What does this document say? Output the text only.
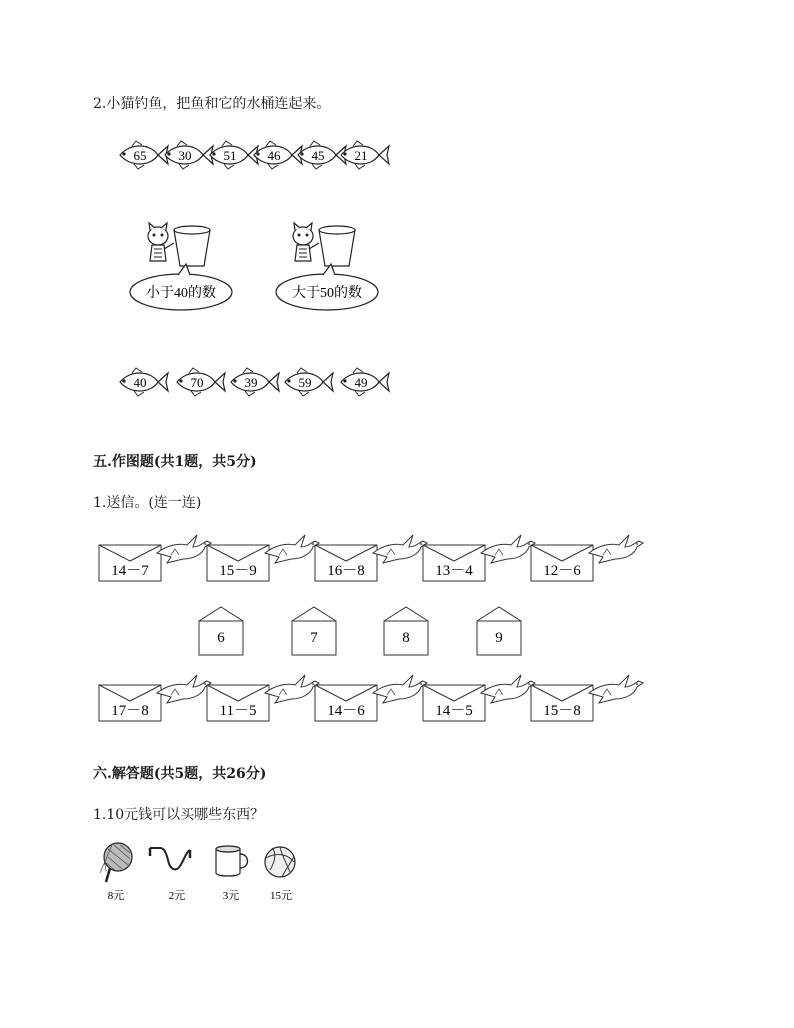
2.小猫钓鱼，把鱼和它的水桶连起来。
65 30 51 46 45 21
小于40的数	大于50的数
40	70	39	59	49
14－7	15－9	16－8	13－4	12－6
6	7	8	9
17－8	11－5	14－6	14－5	15－8
8元	2元	3元	15元
五.作图题(共1题，共5分)
1.送信。(连一连)
六.解答题(共5题，共26分)
1.10元钱可以买哪些东西？
